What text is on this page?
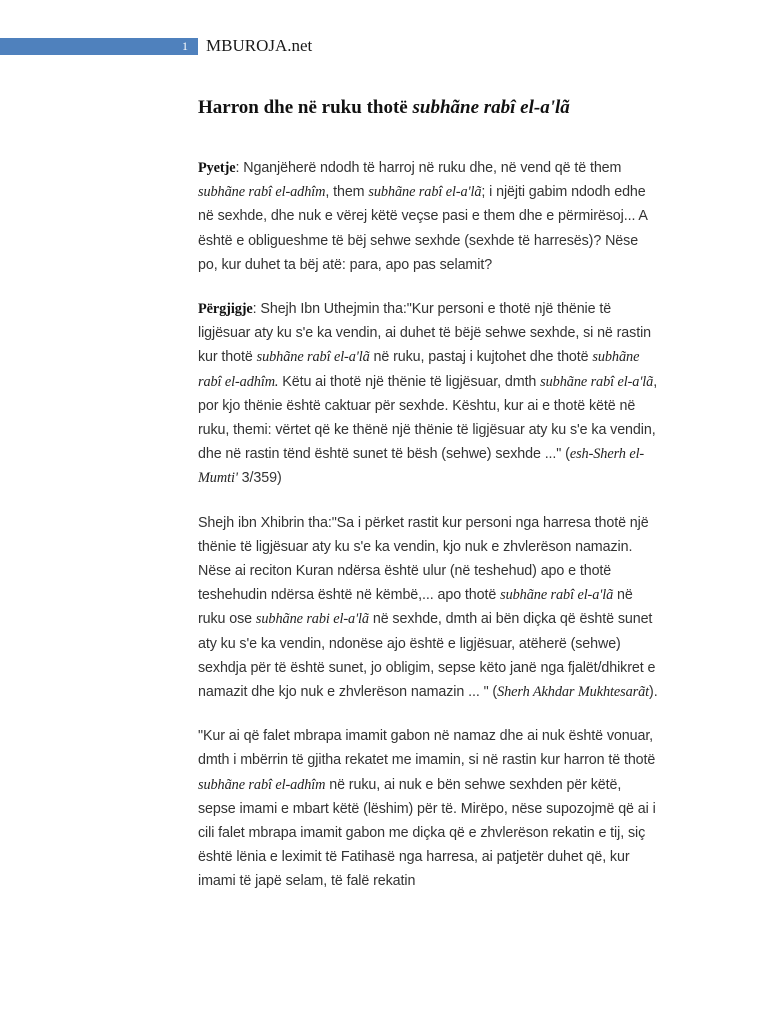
1 MBUROJA.net
Harron dhe në ruku thotë subhãne rabî el-a'lã

Pyetje: Nganjëherë ndodh të harroj në ruku dhe, në vend që të them subhãne rabî el-adhîm, them subhãne rabî el-a'lã; i njëjti gabim ndodh edhe në sexhde, dhe nuk e vërej këtë veçse pasi e them dhe e përmirësoj... A është e obligueshme të bëj sehwe sexhde (sexhde të harresës)? Nëse po, kur duhet ta bëj atë: para, apo pas selamit?

Përgjigje: Shejh Ibn Uthejmin tha:"Kur personi e thotë një thënie të ligjësuar aty ku s'e ka vendin, ai duhet të bëjë sehwe sexhde, si në rastin kur thotë subhãne rabî el-a'lã në ruku, pastaj i kujtohet dhe thotë subhãne rabî el-adhîm. Këtu ai thotë një thënie të ligjësuar, dmth subhãne rabî el-a'lã, por kjo thënie është caktuar për sexhde. Kështu, kur ai e thotë këtë në ruku, themi: vërtet që ke thënë një thënie të ligjësuar aty ku s'e ka vendin, dhe në rastin tënd është sunet të bësh (sehwe) sexhde ..." (esh-Sherh el-Mumti' 3/359)

Shejh ibn Xhibrin tha:"Sa i përket rastit kur personi nga harresa thotë një thënie të ligjësuar aty ku s'e ka vendin, kjo nuk e zhvlerëson namazin. Nëse ai reciton Kuran ndërsa është ulur (në teshehud) apo e thotë teshehudin ndërsa është në këmbë,... apo thotë subhãne rabî el-a'lã në ruku ose subhãne rabi el-a'lã në sexhde, dmth ai bën diçka që është sunet aty ku s'e ka vendin, ndonëse ajo është e ligjësuar, atëherë (sehwe) sexhdja për të është sunet, jo obligim, sepse këto janë nga fjalët/dhikret e namazit dhe kjo nuk e zhvlerëson namazin ... " (Sherh Akhdar Mukhtesarãt).

"Kur ai që falet mbrapa imamit gabon në namaz dhe ai nuk është vonuar, dmth i mbërrin të gjitha rekatet me imamin, si në rastin kur harron të thotë subhãne rabî el-adhîm në ruku, ai nuk e bën sehwe sexhden për këtë, sepse imami e mbart këtë (lëshim) për të. Mirëpo, nëse supozojmë që ai i cili falet mbrapa imamit gabon me diçka që e zhvlerëson rekatin e tij, siç është lënia e leximit të Fatihasë nga harresa, ai patjetër duhet që, kur imami të japë selam, të falë rekatin
